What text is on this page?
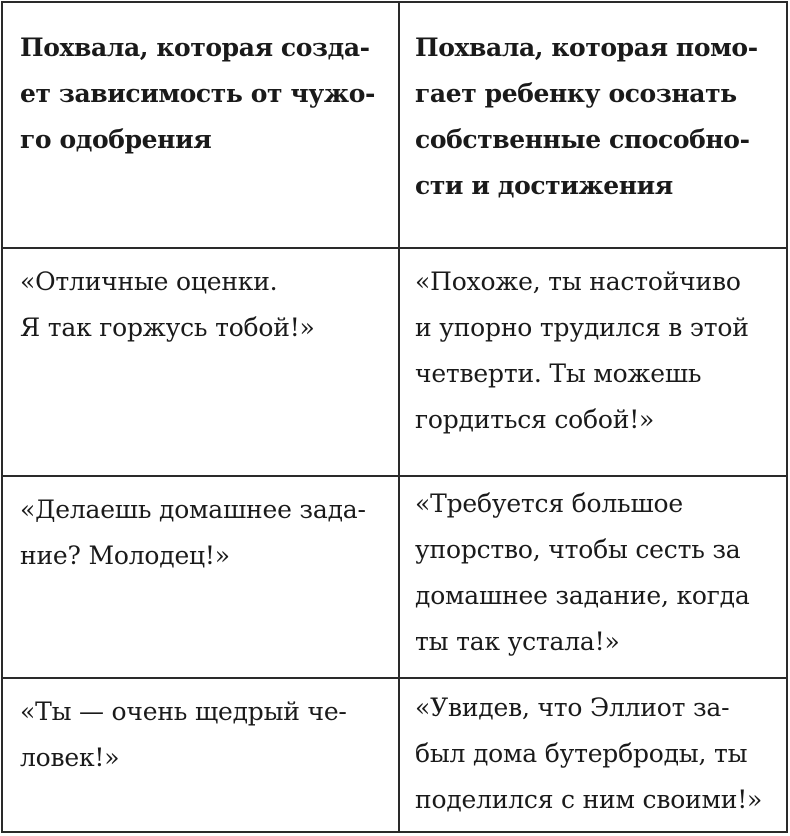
Похвала, которая созда-
ет зависимость от чужо-
го одобрения
Похвала, которая помо-
гает ребенку осознать
собственные способно-
сти и достижения
«Отличные оценки.
Я так горжусь тобой!»
«Похоже, ты настойчиво
и упорно трудился в этой
четверти. Ты можешь
гордиться собой!»
«Делаешь домашнее зада-
ние? Молодец!»
«Требуется большое
упорство, чтобы сесть за
домашнее задание, когда
ты так устала!»
«Ты — очень щедрый че-
ловек!»
«Увидев, что Эллиот за-
был дома бутерброды, ты
поделился с ним своими!»
